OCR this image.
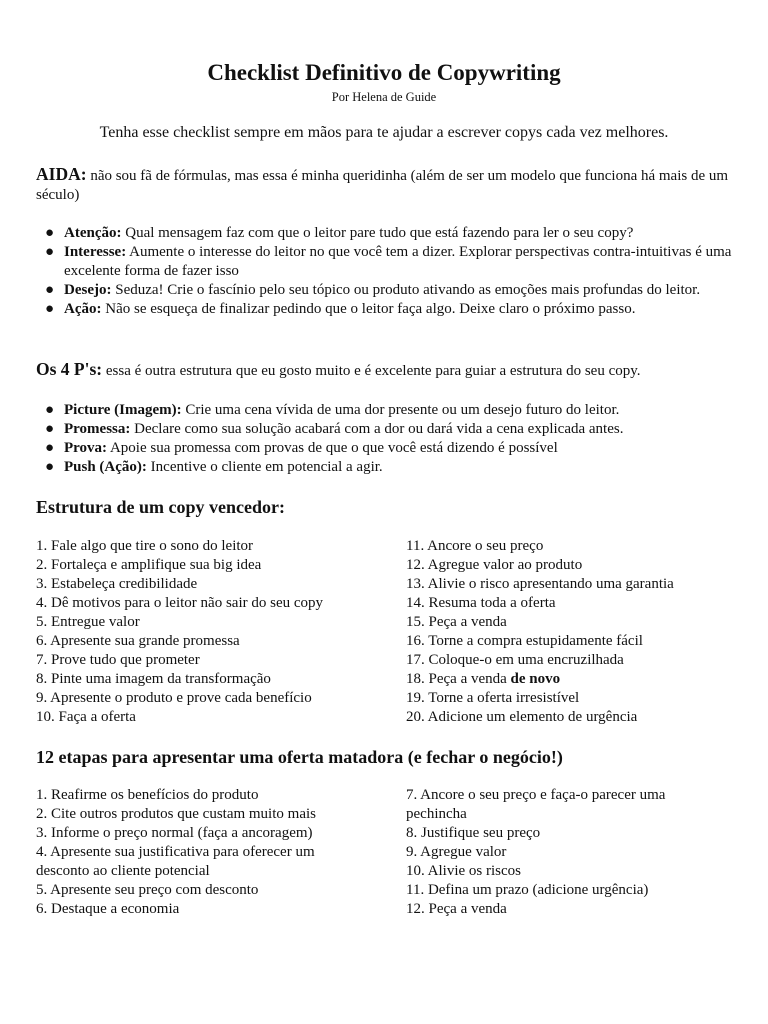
Checklist Definitivo de Copywriting
Por Helena de Guide
Tenha esse checklist sempre em mãos para te ajudar a escrever copys cada vez melhores.

AIDA: não sou fã de fórmulas, mas essa é minha queridinha (além de ser um modelo que funciona há mais de um século)

● Atenção: Qual mensagem faz com que o leitor pare tudo que está fazendo para ler o seu copy?
● Interesse: Aumente o interesse do leitor no que você tem a dizer. Explorar perspectivas contra-intuitivas é uma excelente forma de fazer isso
● Desejo: Seduza! Crie o fascínio pelo seu tópico ou produto ativando as emoções mais profundas do leitor.
● Ação: Não se esqueça de finalizar pedindo que o leitor faça algo. Deixe claro o próximo passo.

Os 4 P's: essa é outra estrutura que eu gosto muito e é excelente para guiar a estrutura do seu copy.

● Picture (Imagem): Crie uma cena vívida de uma dor presente ou um desejo futuro do leitor.
● Promessa: Declare como sua solução acabará com a dor ou dará vida a cena explicada antes.
● Prova: Apoie sua promessa com provas de que o que você está dizendo é possível
● Push (Ação): Incentive o cliente em potencial a agir.
Estrutura de um copy vencedor:
1. Fale algo que tire o sono do leitor
2. Fortaleça e amplifique sua big idea
3. Estabeleça credibilidade
4. Dê motivos para o leitor não sair do seu copy
5. Entregue valor
6. Apresente sua grande promessa
7. Prove tudo que prometer
8. Pinte uma imagem da transformação
9. Apresente o produto e prove cada benefício
10. Faça a oferta
11. Ancore o seu preço
12. Agregue valor ao produto
13. Alivie o risco apresentando uma garantia
14. Resuma toda a oferta
15. Peça a venda
16. Torne a compra estupidamente fácil
17. Coloque-o em uma encruzilhada
18. Peça a venda de novo
19. Torne a oferta irresistível
20. Adicione um elemento de urgência
12 etapas para apresentar uma oferta matadora (e fechar o negócio!)
1. Reafirme os benefícios do produto
2. Cite outros produtos que custam muito mais
3. Informe o preço normal (faça a ancoragem)
4. Apresente sua justificativa para oferecer um desconto ao cliente potencial
5. Apresente seu preço com desconto
6. Destaque a economia
7. Ancore o seu preço e faça-o parecer uma pechincha
8. Justifique seu preço
9. Agregue valor
10. Alivie os riscos
11. Defina um prazo (adicione urgência)
12. Peça a venda
